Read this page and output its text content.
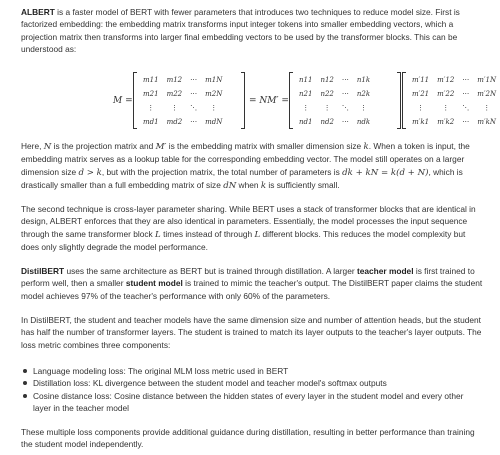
ALBERT is a faster model of BERT with fewer parameters that introduces two techniques to reduce model size. First is factorized embedding: the embedding matrix transforms input integer tokens into smaller embedding vectors, which a projection matrix then transforms into larger final embedding vectors to be used by the transformer blocks. This can be understood as:

M =
m11	m12	⋯	m1N
m21	m22	⋯	m2N
⋮	⋮	⋱	⋮
md1	md2	⋯	mdN
= NM′ =
n11	n12	⋯	n1k
n21	n22	⋯	n2k
⋮	⋮	⋱	⋮
nd1	nd2	⋯	ndk
m′11	m′12	⋯	m′1N
m′21	m′22	⋯	m′2N
⋮	⋮	⋱	⋮
m′k1	m′k2	⋯	m′kN

Here, N is the projection matrix and M′ is the embedding matrix with smaller dimension size k. When a token is input, the embedding matrix serves as a lookup table for the corresponding embedding vector. The model still operates on a larger dimension size d > k, but with the projection matrix, the total number of parameters is dk + kN = k(d + N), which is drastically smaller than a full embedding matrix of size dN when k is sufficiently small.

The second technique is cross-layer parameter sharing. While BERT uses a stack of transformer blocks that are identical in design, ALBERT enforces that they are also identical in parameters. Essentially, the model processes the input sequence through the same transformer block L times instead of through L different blocks. This reduces the model complexity but does only slightly degrade the model performance.

DistilBERT uses the same architecture as BERT but is trained through distillation. A larger teacher model is first trained to perform well, then a smaller student model is trained to mimic the teacher's output. The DistilBERT paper claims the student model achieves 97% of the teacher's performance with only 60% of the parameters.

In DistilBERT, the student and teacher models have the same dimension size and number of attention heads, but the student has half the number of transformer layers. The student is trained to match its layer outputs to the teacher's layer outputs. The loss metric combines three components:

Language modeling loss: The original MLM loss metric used in BERT
Distillation loss: KL divergence between the student model and teacher model's softmax outputs
Cosine distance loss: Cosine distance between the hidden states of every layer in the student model and every other layer in the teacher model

These multiple loss components provide additional guidance during distillation, resulting in better performance than training the student model independently.
